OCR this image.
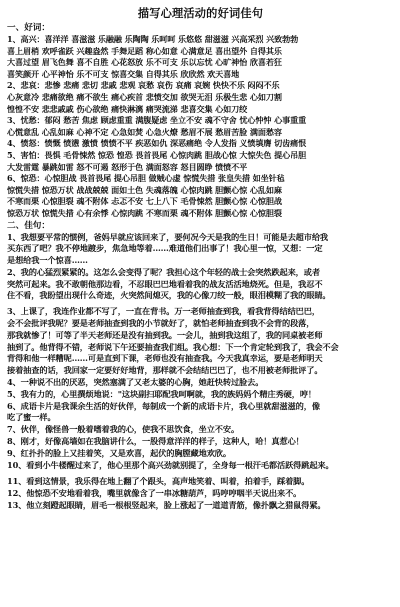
描写心理活动的好词佳句
一、好词：
1、高兴：喜洋洋 喜滋滋 乐融融 乐陶陶 乐呵呵 乐悠悠 甜滋滋 兴高采烈 兴致勃勃
喜上眉梢 欢呼雀跃 兴趣盎然 手舞足蹈 称心如意 心满意足 喜出望外 自得其乐
大喜过望 眉飞色舞 喜不自胜 心花怒放 乐不可支 乐以忘忧 心旷神怡 欣喜若狂
喜笑颜开 心平神怡 乐不可支 惊喜交集 自得其乐 欣欣然 欢天喜地
2、悲哀：悲惨 悲痛 悲切 悲戚 悲观 哀愁 哀伤 哀痛 哀婉 快快不乐 闷闷不乐
心灰意冷 悲痛欲绝 痛不欲生 痛心疾首 悲愤交加 欲哭无泪 乐极生悲 心如刀割
惶惶不安 悲悲戚戚 伤心欲绝 痛快淋漓 痛哭流涕 悲喜交集 心如刀绞
3、忧愁：郁闷 愁苦 焦虑 顾虑重重 满腹疑虑 坐立不安 魂不守舍 忧心忡忡 心事重重
心慌意乱 心乱如麻 心神不定 心急如焚 心急火燎 愁眉不展 愁眉苦脸 满面愁容
4、愤怒：愤慨 愤懑 激愤 愤愤不平 疾恶如仇 深恶痛绝 令人发指 义愤填膺 切齿痛恨
5、害怕：畏惧 毛骨悚然 惊恐 惶恐 畏首畏尾 心惊肉跳 胆战心惊 大惊失色 提心吊胆
大发雷霆 暴跳如雷 怒不可遏 怒形于色 满面怒容 怒目圆睁 愤愤不平
6、惊恐：心惊胆战 畏首畏尾 提心吊胆 做贼心虚 惊慌失措 张皇失措 如坐针毡
惊慌失措 惊恐万状 战战兢兢 面如土色 失魂落魄 心惊肉跳 胆颤心惊 心乱如麻
不寒而栗 心惊胆裂 魂不附体 忐忑不安 七上八下 毛骨悚然 胆颤心惊 心惊胆战
惊恐万状 惊慌失措 心有余悸 心惊肉跳 不寒而栗 魂不附体 胆颤心惊 心惊胆裂
二、佳句：
1、我想要平常的惯例，爸妈早就应该回来了，要何况今天是我的生日！可能是去超市给我
买东西了吧？我不停地踱步，焦急地等着……难道他们出事了！我心里一惊，又想：一定
是想给我一个惊喜……
2、我的心猛烈紧紧的。这怎么会变得了呢？我担心这个年轻的战士会突然跌起来，或者
突然可起来。我不敢朝他那边看，不忍眼巴巴地看着我的战友活活地烧死。但是，我忍不
住不看，我盼望出现什么奇迹，火突然间熄灭，我的心像刀绞一般，眼泪模糊了我的眼睛。
3、上课了，我连作业都不写了，一直在背书。万一老师抽查到我，看我背得结结巴巴，
会不会批评我呢？要是老师抽查到我的小节就好了，就怕老师抽查到我不会背的段落，
那我就惨了！可等了半天老师还是没有抽到我。一会儿，抽到我这组了，我的同桌被老师
抽到了。他背得不错，老师说下午还要抽查我们组。我心想：下一个肯定轮到我了，我会不会
背得和他一样糟呢……可是直到下课，老师也没有抽查我。今天我真幸运，要是老师明天
接着抽查的话，我回家一定要好好地背，那样就不会结结巴巴了，也不用被老师批评了。
4、一种说不出的厌恶，突然塞满了又老太婆的心胸，她赶快转过脸去。
5、我有力的，心里撰烦地说："这块副扫耶配我呵啊就，我的族妈妈个精庄秀硬，哼！
6、成语卡片是我课余生活的好伙伴，每制成一个新的成语卡片，我心里就甜滋滋的，像
吃了蜜一样。
7、伙伴，像怪兽一般着嗜着我的心，使我不思饮食，坐立不安。
8、刚才，好像高墙如在我脑讲什么，一股得意洋洋的样子，这种人，哈！真惹心！
9、红扑扑的脸上又挂着笑，又是欢喜，起伏的胸膛藏地欢欣。
10、看到小牛楼醒过来了，他心里那个高兴劲就别提了，全身每一根汗毛都活跃得跳起来。
11、看到这情景，我乐得在地上翻了个跟头，高声地笑着、叫着，拍着手，踩着脚。
12、他惊恐不安地看着我，嘴里就像含了一串冰糖葫芦，吗哼哼咽半天说出来不。
13、他立刻蹬起眼睛，眉毛一根根竖起来，脸上涨起了一道道青筋，像扑飘之猎鼠得紧。
